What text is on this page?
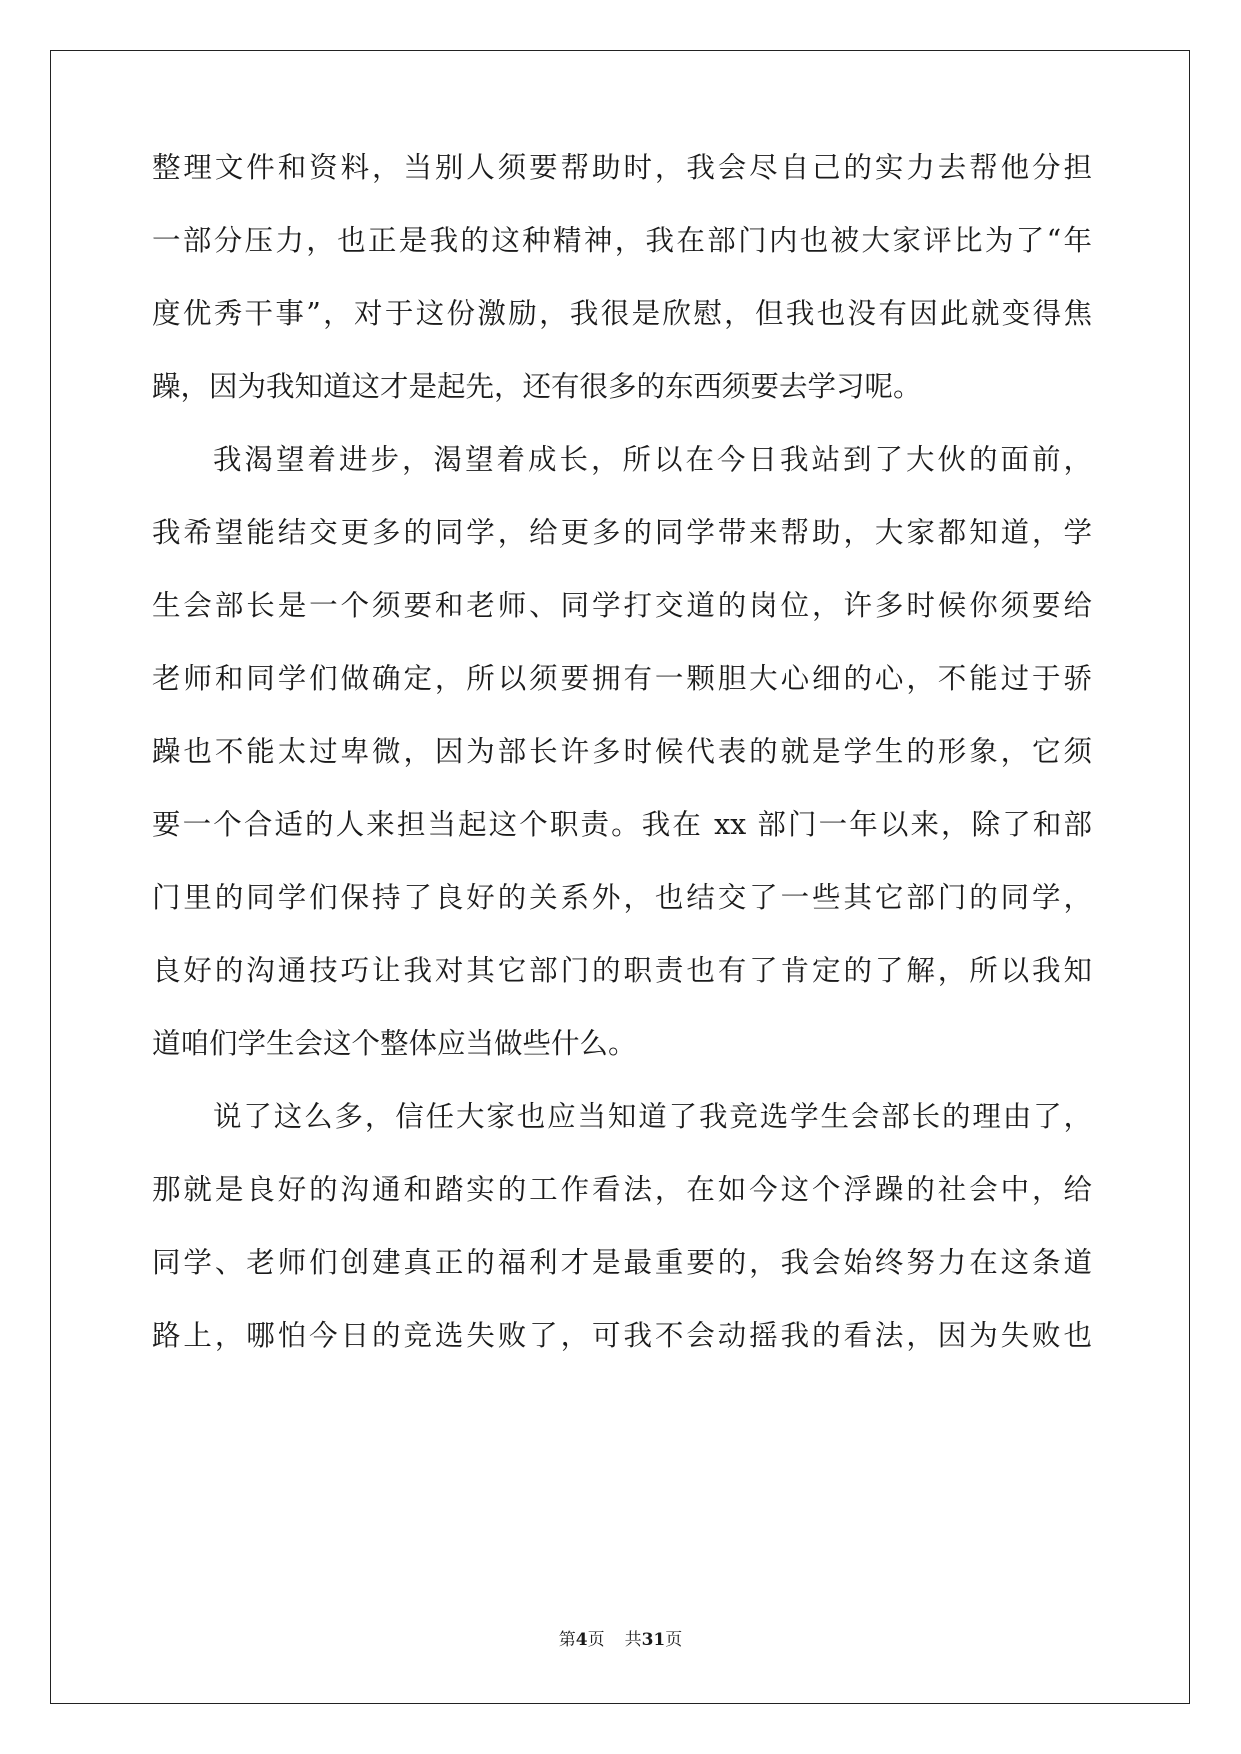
整理文件和资料，当别人须要帮助时，我会尽自己的实力去帮他分担
一部分压力，也正是我的这种精神，我在部门内也被大家评比为了“年
度优秀干事”，对于这份激励，我很是欣慰，但我也没有因此就变得焦
躁，因为我知道这才是起先，还有很多的东西须要去学习呢。
我渴望着进步，渴望着成长，所以在今日我站到了大伙的面前，
我希望能结交更多的同学，给更多的同学带来帮助，大家都知道，学
生会部长是一个须要和老师、同学打交道的岗位，许多时候你须要给
老师和同学们做确定，所以须要拥有一颗胆大心细的心，不能过于骄
躁也不能太过卑微，因为部长许多时候代表的就是学生的形象，它须
要一个合适的人来担当起这个职责。我在 xx 部门一年以来，除了和部
门里的同学们保持了良好的关系外，也结交了一些其它部门的同学，
良好的沟通技巧让我对其它部门的职责也有了肯定的了解，所以我知
道咱们学生会这个整体应当做些什么。
说了这么多，信任大家也应当知道了我竞选学生会部长的理由了，
那就是良好的沟通和踏实的工作看法，在如今这个浮躁的社会中，给
同学、老师们创建真正的福利才是最重要的，我会始终努力在这条道
路上，哪怕今日的竞选失败了，可我不会动摇我的看法，因为失败也
第4页 共31页
